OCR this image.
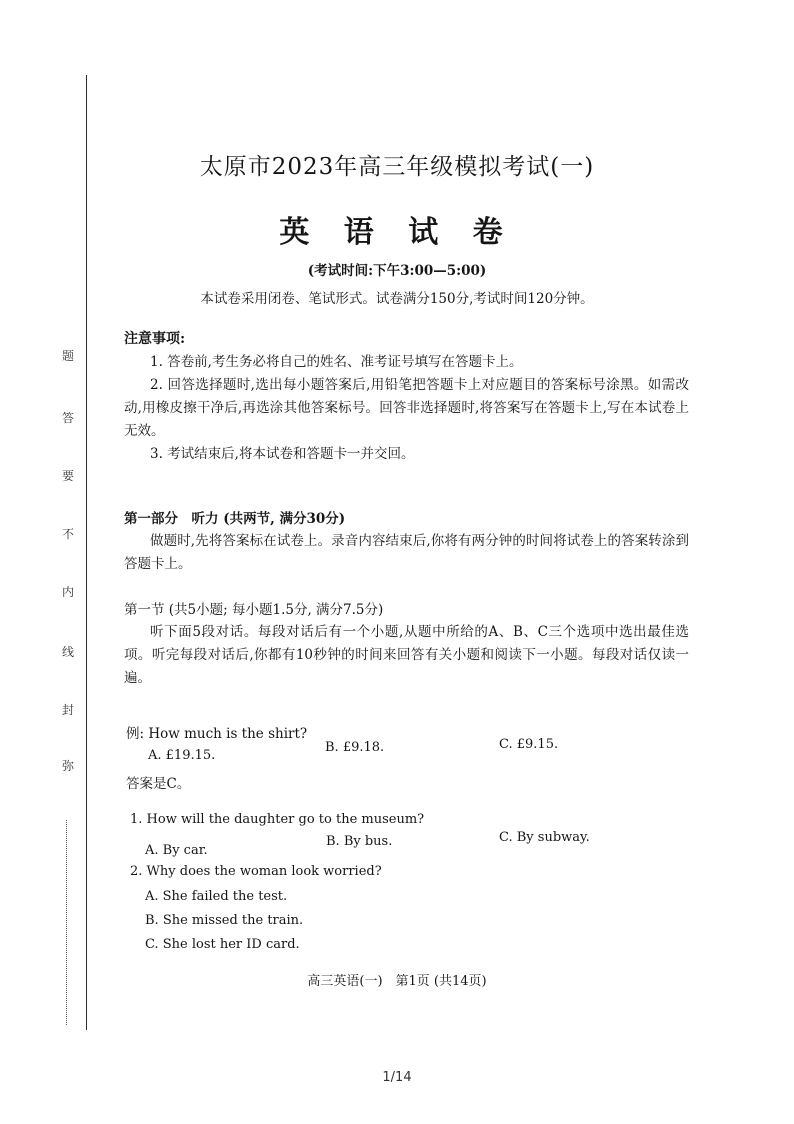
题
答
要
不
内
线
封
弥
太原市2023年高三年级模拟考试(一)
英 语 试 卷
(考试时间:下午3:00—5:00)
本试卷采用闭卷、笔试形式。试卷满分150分,考试时间120分钟。
注意事项:

1. 答卷前,考生务必将自己的姓名、准考证号填写在答题卡上。

2. 回答选择题时,选出每小题答案后,用铅笔把答题卡上对应题目的答案标号涂黑。如需改动,用橡皮擦干净后,再选涂其他答案标号。回答非选择题时,将答案写在答题卡上,写在本试卷上无效。

3. 考试结束后,将本试卷和答题卡一并交回。

第一部分　听力 (共两节, 满分30分)

做题时,先将答案标在试卷上。录音内容结束后,你将有两分钟的时间将试卷上的答案转涂到答题卡上。

第一节 (共5小题; 每小题1.5分, 满分7.5分)

听下面5段对话。每段对话后有一个小题,从题中所给的A、B、C三个选项中选出最佳选项。听完每段对话后,你都有10秒钟的时间来回答有关小题和阅读下一小题。每段对话仅读一遍。

例: How much is the shirt?
A. £19.15.
B. £9.18.	C. £9.15.
答案是C。
1. How will the daughter go to the museum?
A. By car.
B. By bus.	C. By subway.
2. Why does the woman look worried?
A. She failed the test.
B. She missed the train.
C. She lost her ID card.
高三英语(一)　第1页 (共14页)
1/14
